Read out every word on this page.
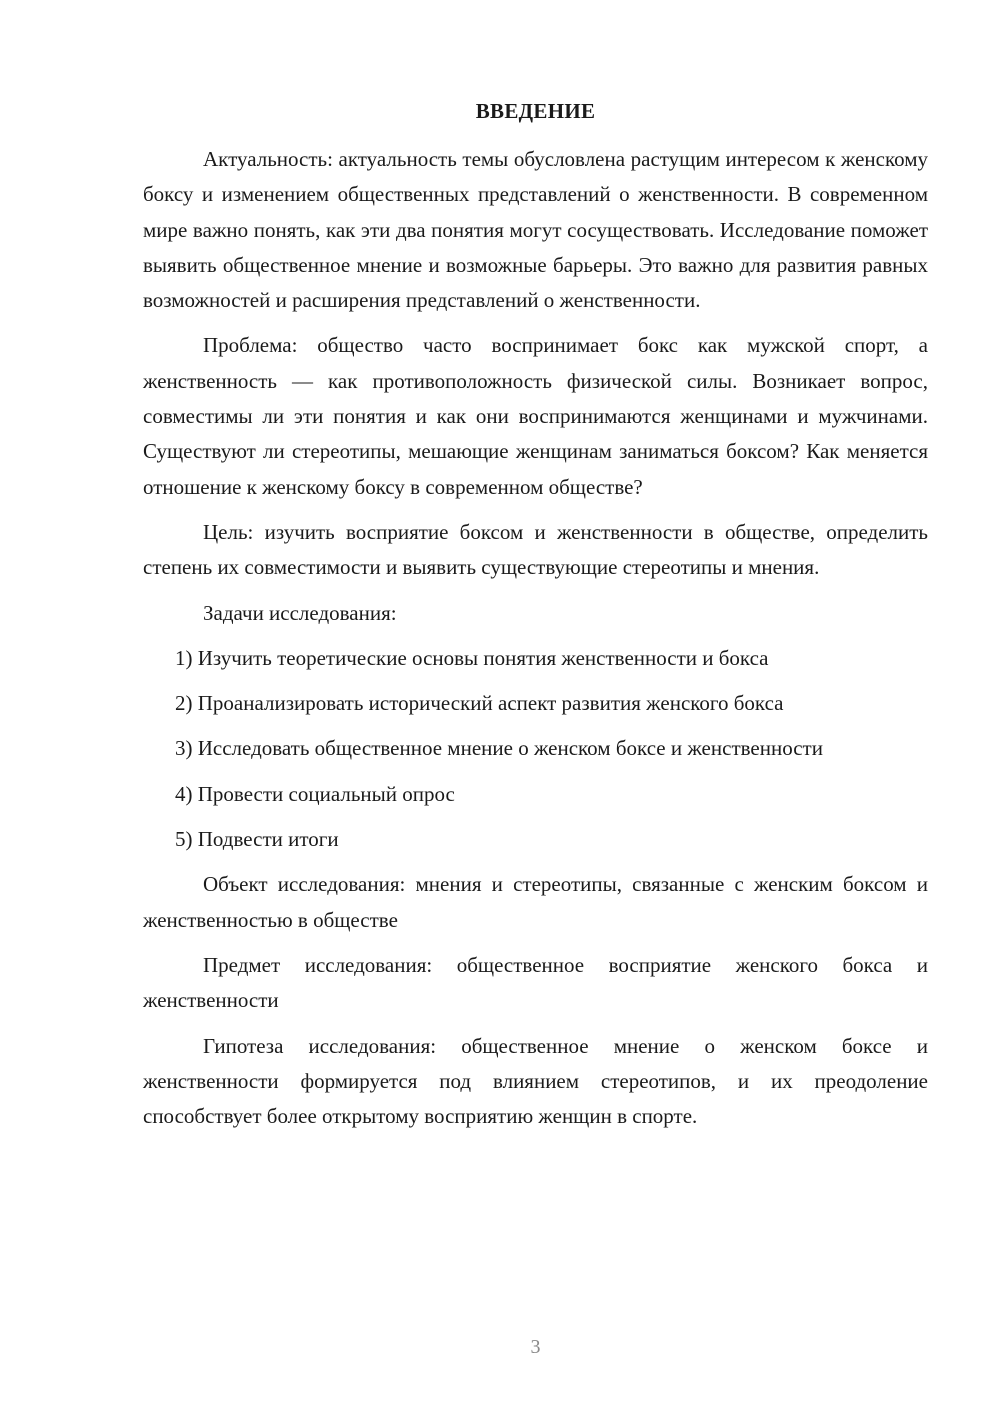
ВВЕДЕНИЕ

Актуальность: актуальность темы обусловлена растущим интересом к женскому боксу и изменением общественных представлений о женственности. В современном мире важно понять, как эти два понятия могут сосуществовать. Исследование поможет выявить общественное мнение и возможные барьеры. Это важно для развития равных возможностей и расширения представлений о женственности.

Проблема: общество часто воспринимает бокс как мужской спорт, а женственность — как противоположность физической силы. Возникает вопрос, совместимы ли эти понятия и как они воспринимаются женщинами и мужчинами. Существуют ли стереотипы, мешающие женщинам заниматься боксом? Как меняется отношение к женскому боксу в современном обществе?

Цель: изучить восприятие боксом и женственности в обществе, определить степень их совместимости и выявить существующие стереотипы и мнения.

Задачи исследования:

1) Изучить теоретические основы понятия женственности и бокса

2) Проанализировать исторический аспект развития женского бокса

3) Исследовать общественное мнение о женском боксе и женственности

4) Провести социальный опрос

5) Подвести итоги

Объект исследования: мнения и стереотипы, связанные с женским боксом и женственностью в обществе

Предмет исследования: общественное восприятие женского бокса и женственности

Гипотеза исследования: общественное мнение о женском боксе и женственности формируется под влиянием стереотипов, и их преодоление способствует более открытому восприятию женщин в спорте.

3
